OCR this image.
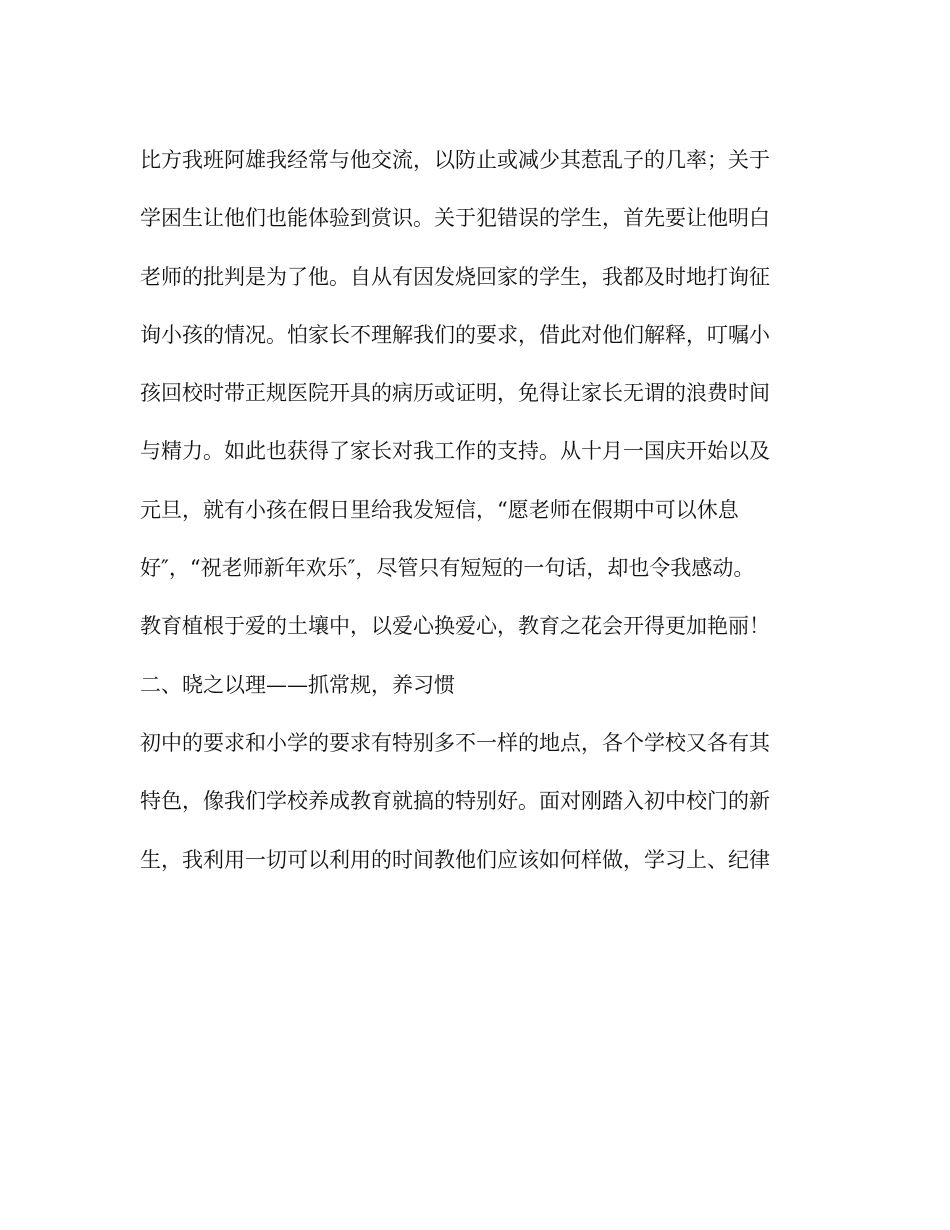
比方我班阿雄我经常与他交流，以防止或减少其惹乱子的几率；关于
学困生让他们也能体验到赏识。关于犯错误的学生，首先要让他明白
老师的批判是为了他。自从有因发烧回家的学生，我都及时地打询征
询小孩的情况。怕家长不理解我们的要求，借此对他们解释，叮嘱小
孩回校时带正规医院开具的病历或证明，免得让家长无谓的浪费时间
与精力。如此也获得了家长对我工作的支持。从十月一国庆开始以及
元旦，就有小孩在假日里给我发短信，“愿老师在假期中可以休息
好″，“祝老师新年欢乐″，尽管只有短短的一句话，却也令我感动。
教育植根于爱的土壤中，以爱心换爱心，教育之花会开得更加艳丽！
二、晓之以理——抓常规，养习惯
初中的要求和小学的要求有特别多不一样的地点，各个学校又各有其
特色，像我们学校养成教育就搞的特别好。面对刚踏入初中校门的新
生，我利用一切可以利用的时间教他们应该如何样做，学习上、纪律
